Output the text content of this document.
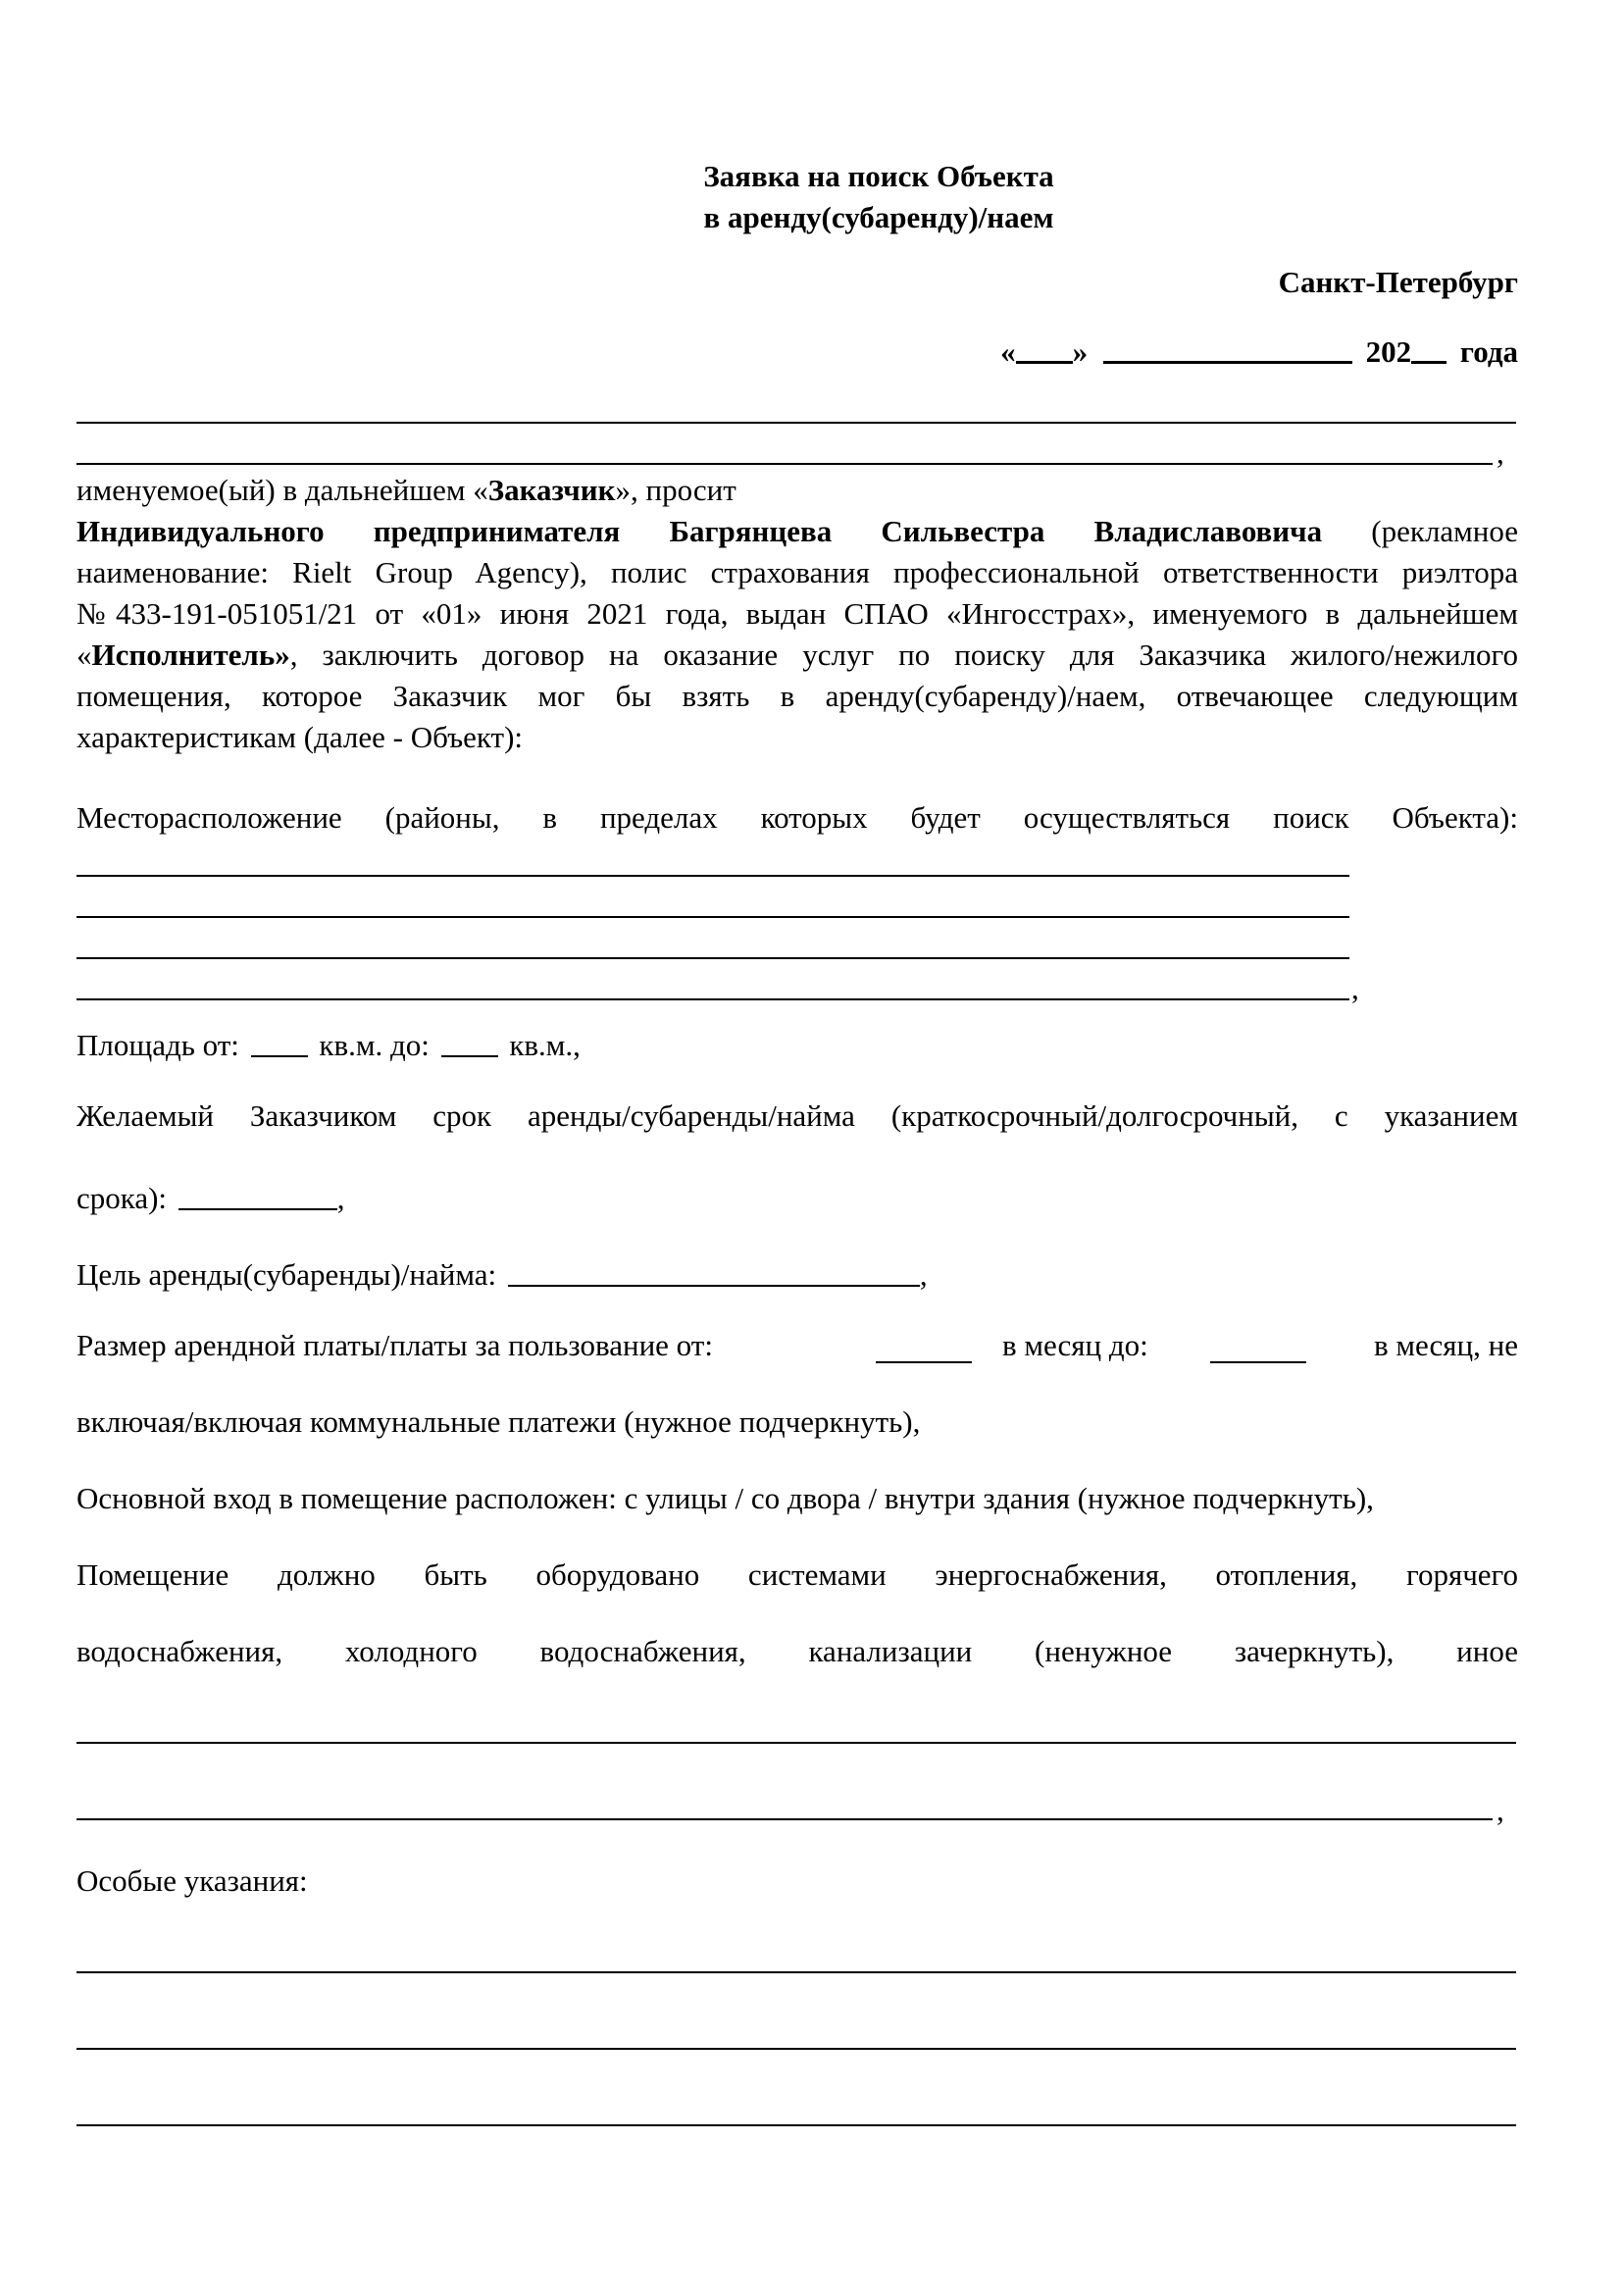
Заявка на поиск Объекта
в аренду(субаренду)/наем
Санкт-Петербург
« »	202 года
,
именуемое(ый) в дальнейшем «Заказчик», просит
Индивидуального предпринимателя Багрянцева Сильвестра Владиславовича (рекламное
наименование: Rielt Group Agency), полис страхования профессиональной ответственности риэлтора
№433-191-051051/21 от «01» июня 2021 года, выдан СПАО «Ингосстрах», именуемого в дальнейшем
«Исполнитель», заключить договор на оказание услуг по поиску для Заказчика жилого/нежилого
помещения, которое Заказчик мог бы взять в аренду(субаренду)/наем, отвечающее следующим
характеристикам (далее - Объект):
Месторасположение (районы, в пределах которых будет осуществляться поиск Объекта):
,
Площадь от:	кв.м. до:	кв.м.,
Желаемый Заказчиком срок аренды/субаренды/найма (краткосрочный/долгосрочный, с указанием
срока):	,
Цель аренды(субаренды)/найма:	,
Размер арендной платы/платы за пользование от:	в месяц до:	в месяц, не
включая/включая коммунальные платежи (нужное подчеркнуть),
Основной вход в помещение расположен: с улицы / со двора / внутри здания (нужное подчеркнуть),
Помещение должно быть оборудовано системами энергоснабжения, отопления, горячего
водоснабжения, холодного водоснабжения, канализации (ненужное зачеркнуть), иное
,
Особые указания:
